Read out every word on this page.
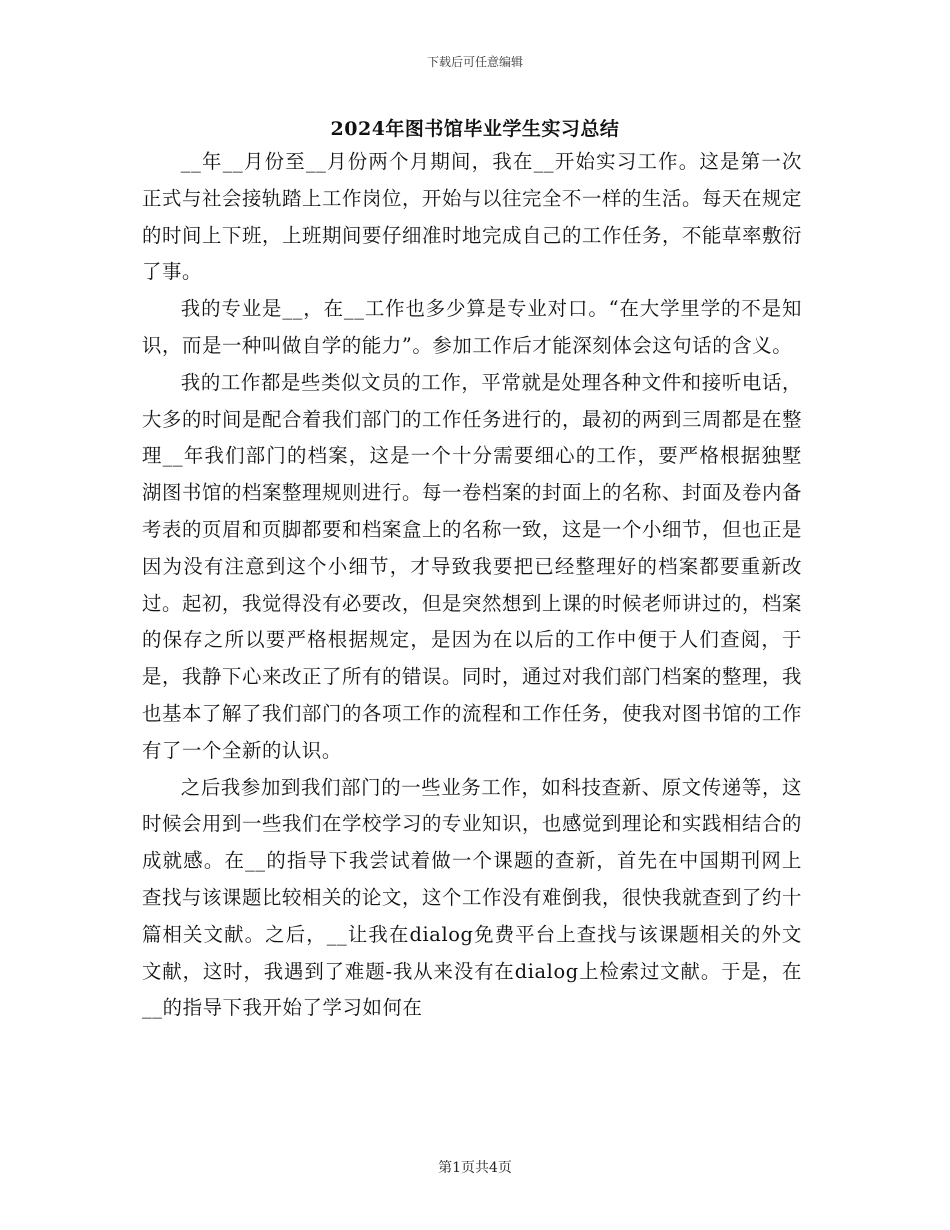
下载后可任意编辑
2024年图书馆毕业学生实习总结

__年__月份至__月份两个月期间，我在__开始实习工作。这是第一次正式与社会接轨踏上工作岗位，开始与以往完全不一样的生活。每天在规定的时间上下班，上班期间要仔细准时地完成自己的工作任务，不能草率敷衍了事。

我的专业是__，在__工作也多少算是专业对口。“在大学里学的不是知识，而是一种叫做自学的能力”。参加工作后才能深刻体会这句话的含义。

我的工作都是些类似文员的工作，平常就是处理各种文件和接听电话，大多的时间是配合着我们部门的工作任务进行的，最初的两到三周都是在整理__年我们部门的档案，这是一个十分需要细心的工作，要严格根据独墅湖图书馆的档案整理规则进行。每一卷档案的封面上的名称、封面及卷内备考表的页眉和页脚都要和档案盒上的名称一致，这是一个小细节，但也正是因为没有注意到这个小细节，才导致我要把已经整理好的档案都要重新改过。起初，我觉得没有必要改，但是突然想到上课的时候老师讲过的，档案的保存之所以要严格根据规定，是因为在以后的工作中便于人们查阅，于是，我静下心来改正了所有的错误。同时，通过对我们部门档案的整理，我也基本了解了我们部门的各项工作的流程和工作任务，使我对图书馆的工作有了一个全新的认识。

之后我参加到我们部门的一些业务工作，如科技查新、原文传递等，这时候会用到一些我们在学校学习的专业知识，也感觉到理论和实践相结合的成就感。在__的指导下我尝试着做一个课题的查新，首先在中国期刊网上查找与该课题比较相关的论文，这个工作没有难倒我，很快我就查到了约十篇相关文献。之后，__让我在dialog免费平台上查找与该课题相关的外文文献，这时，我遇到了难题-我从来没有在dialog上检索过文献。于是，在__的指导下我开始了学习如何在

第1页共4页
